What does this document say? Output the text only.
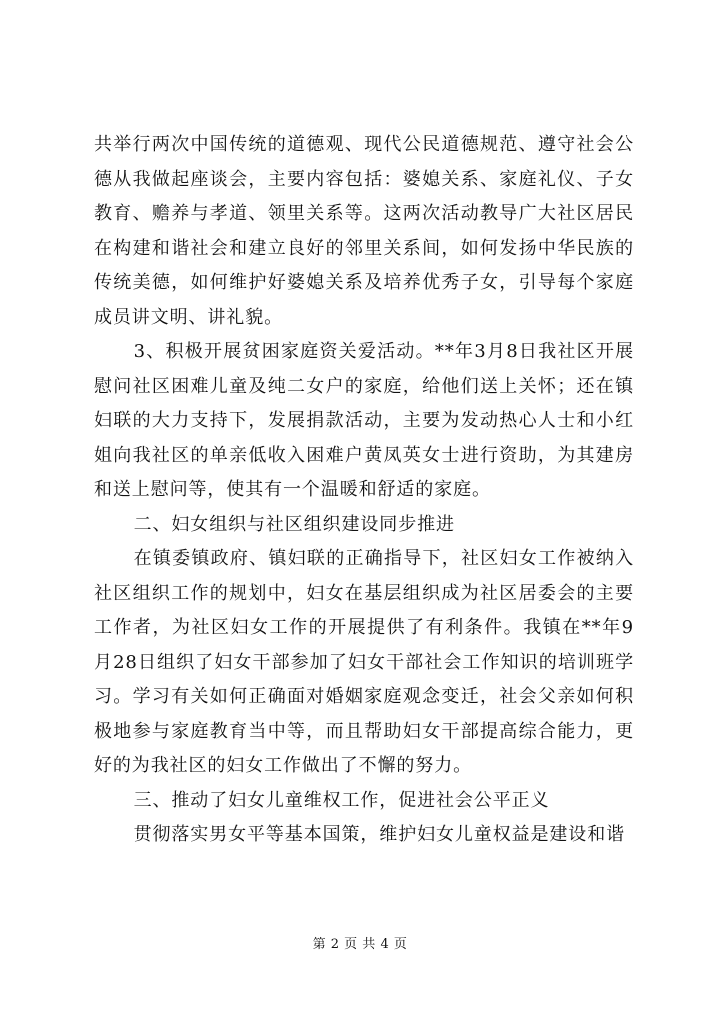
共举行两次中国传统的道德观、现代公民道德规范、遵守社会公德从我做起座谈会，主要内容包括：婆媳关系、家庭礼仪、子女教育、赡养与孝道、领里关系等。这两次活动教导广大社区居民在构建和谐社会和建立良好的邻里关系间，如何发扬中华民族的传统美德，如何维护好婆媳关系及培养优秀子女，引导每个家庭成员讲文明、讲礼貌。

3、积极开展贫困家庭资关爱活动。**年3月8日我社区开展慰问社区困难儿童及纯二女户的家庭，给他们送上关怀；还在镇妇联的大力支持下，发展捐款活动，主要为发动热心人士和小红姐向我社区的单亲低收入困难户黄凤英女士进行资助，为其建房和送上慰问等，使其有一个温暖和舒适的家庭。

二、妇女组织与社区组织建设同步推进

在镇委镇政府、镇妇联的正确指导下，社区妇女工作被纳入社区组织工作的规划中，妇女在基层组织成为社区居委会的主要工作者，为社区妇女工作的开展提供了有利条件。我镇在**年9月28日组织了妇女干部参加了妇女干部社会工作知识的培训班学习。学习有关如何正确面对婚姻家庭观念变迁，社会父亲如何积极地参与家庭教育当中等，而且帮助妇女干部提高综合能力，更好的为我社区的妇女工作做出了不懈的努力。

三、推动了妇女儿童维权工作，促进社会公平正义

贯彻落实男女平等基本国策，维护妇女儿童权益是建设和谐

第 2 页 共 4 页
